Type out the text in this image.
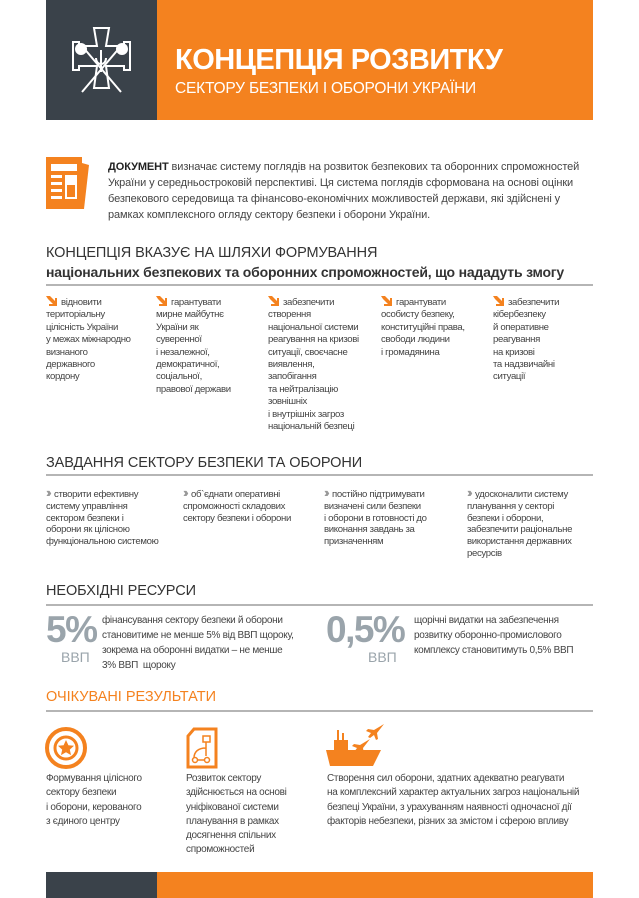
КОНЦЕПЦІЯ РОЗВИТКУ
СЕКТОРУ БЕЗПЕКИ І ОБОРОНИ УКРАЇНИ
ДОКУМЕНТ визначає систему поглядів на розвиток безпекових та оборонних спроможностей України у середньостроковій перспективі. Ця система поглядів сформована на основі оцінки безпекового середовища та фінансово-економічних можливостей держави, які здійснені у рамках комплексного огляду сектору безпеки і оборони України.
КОНЦЕПЦІЯ ВКАЗУЄ НА ШЛЯХИ ФОРМУВАННЯ
національних безпекових та оборонних спроможностей, що нададуть змогу
відновити
територіальну
цілісність України
у межах міжнародно
визнаного
державного
кордону
гарантувати
мирне майбутнє
України як
суверенної
і незалежної,
демократичної,
соціальної,
правової держави
забезпечити
створення
національної системи
реагування на кризові
ситуації, своєчасне
виявлення,
запобігання
та нейтралізацію
зовнішніх
і внутрішніх загроз
національній безпеці
гарантувати
особисту безпеку,
конституційні права,
свободи людини
і громадянина
забезпечити
кібербезпеку
й оперативне
реагування
на кризові
та надзвичайні
ситуації
ЗАВДАННЯ СЕКТОРУ БЕЗПЕКИ ТА ОБОРОНИ
›› створити ефективну
систему управління
сектором безпеки і
оборони як цілісною
функціональною системою
›› об`єднати оперативні
спроможності складових
сектору безпеки і оборони
›› постійно підтримувати
визначені сили безпеки
і оборони в готовності до
виконання завдань за
призначенням
›› удосконалити систему
планування у секторі
безпеки і оборони,
забезпечити раціональне
використання державних
ресурсів
НЕОБХІДНІ РЕСУРСИ
5%
ВВП
фінансування сектору безпеки й оборони
становитиме не менше 5% від ВВП щороку,
зокрема на оборонні видатки – не менше
3% ВВП  щороку
0,5%
ВВП
щорічні видатки на забезпечення
розвитку оборонно-промислового
комплексу становитимуть 0,5% ВВП
ОЧІКУВАНІ РЕЗУЛЬТАТИ
Формування цілісного
сектору безпеки
і оборони, керованого
з єдиного центру
Розвиток сектору
здійснюється на основі
уніфікованої системи
планування в рамках
досягнення спільних
спроможностей
Створення сил оборони, здатних адекватно реагувати
на комплексний характер актуальних загроз національній
безпеці України, з урахуванням наявності одночасної дії
факторів небезпеки, різних за змістом і сферою впливу
